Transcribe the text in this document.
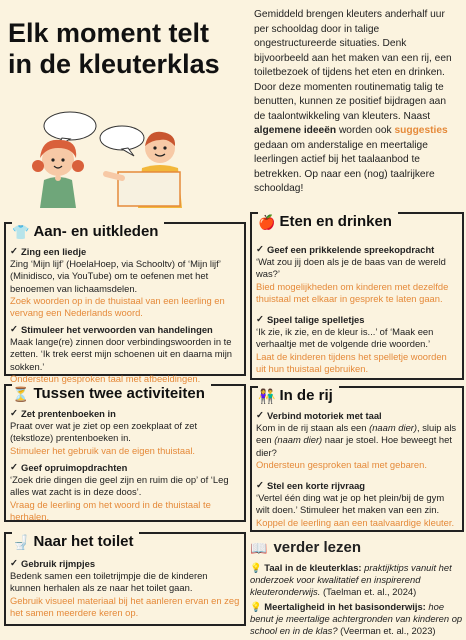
Elk moment telt
in de kleuterklas
Gemiddeld brengen kleuters anderhalf uur per schooldag door in talige ongestructureerde situaties. Denk bijvoorbeeld aan het maken van een rij, een toiletbezoek of tijdens het eten en drinken. Door deze momenten routinematig talig te benutten, kunnen ze positief bijdragen aan de taalontwikkeling van kleuters. Naast algemene ideeën worden ook suggesties gedaan om anderstalige en meertalige leerlingen actief bij het taalaanbod te betrekken. Op naar een (nog) taalrijkere schooldag!
👕 Aan- en uitkleden
✓ Zing een liedje
Zing ‘Mijn lijf’ (HoelaHoep, via Schooltv) of ‘Mijn lijf’ (Minidisco, via YouTube) om te oefenen met het benoemen van lichaamsdelen.
Zoek woorden op in de thuistaal van een leerling en vervang een Nederlands woord.
✓ Stimuleer het verwoorden van handelingen
Maak lange(re) zinnen door verbindingswoorden in te zetten. ‘Ik trek eerst mijn schoenen uit en daarna mijn sokken.’
Ondersteun gesproken taal met afbeeldingen.
⏳ Tussen twee activiteiten
✓ Zet prentenboeken in
Praat over wat je ziet op een zoekplaat of zet (tekstloze) prentenboeken in.
Stimuleer het gebruik van de eigen thuistaal.
✓ Geef opruimopdrachten
‘Zoek drie dingen die geel zijn en ruim die op’ of ‘Leg alles wat zacht is in deze doos’.
Vraag de leerling om het woord in de thuistaal te herhalen.
🚽 Naar het toilet
✓ Gebruik rijmpjes
Bedenk samen een toiletrijmpje die de kinderen kunnen herhalen als ze naar het toilet gaan.
Gebruik visueel materiaal bij het aanleren ervan en zeg het samen meerdere keren op.
🍎 Eten en drinken
✓ Geef een prikkelende spreekopdracht
‘Wat zou jij doen als je de baas van de wereld was?’
Bied mogelijkheden om kinderen met dezelfde thuistaal met elkaar in gesprek te laten gaan.
✓ Speel talige spelletjes
‘Ik zie, ik zie, en de kleur is...’ of ‘Maak een verhaaltje met de volgende drie woorden.’
Laat de kinderen tijdens het spelletje woorden uit hun thuistaal gebruiken.
👫 In de rij
✓ Verbind motoriek met taal
Kom in de rij staan als een (naam dier), sluip als een (naam dier) naar je stoel. Hoe beweegt het dier?
Ondersteun gesproken taal met gebaren.
✓ Stel een korte rijvraag
‘Vertel één ding wat je op het plein/bij de gym wilt doen.’ Stimuleer het maken van een zin.
Koppel de leerling aan een taalvaardige kleuter.
📖 verder lezen
💡 Taal in de kleuterklas: praktijktips vanuit het onderzoek voor kwalitatief en inspirerend kleuteronderwijs. (Taelman et. al., 2024)
💡 Meertaligheid in het basisonderwijs: hoe benut je meertalige achtergronden van kinderen op school en in de klas? (Veerman et. al., 2023)
